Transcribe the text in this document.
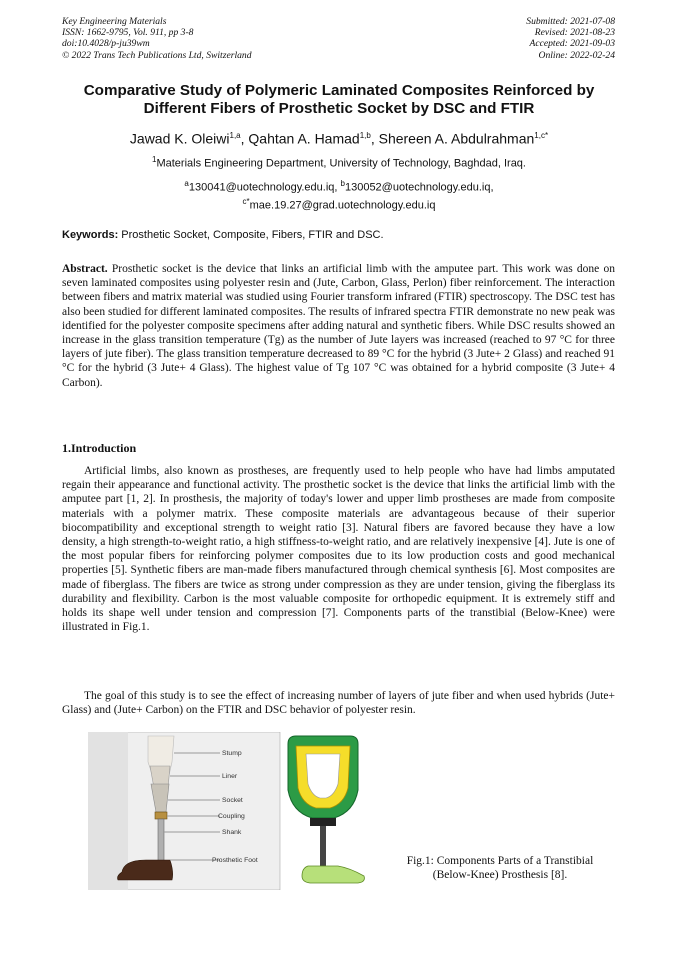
Key Engineering Materials
ISSN: 1662-9795, Vol. 911, pp 3-8
doi:10.4028/p-ju39wm
© 2022 Trans Tech Publications Ltd, Switzerland
Submitted: 2021-07-08
Revised: 2021-08-23
Accepted: 2021-09-03
Online: 2022-02-24
Comparative Study of Polymeric Laminated Composites Reinforced by
Different Fibers of Prosthetic Socket by DSC and FTIR
Jawad K. Oleiwi$^{1,a}$, Qahtan A. Hamad$^{1,b}$, Shereen A. Abdulrahman$^{1,c*}$
$^1$Materials Engineering Department, University of Technology, Baghdad, Iraq.
$^a$130041@uotechnology.edu.iq, $^b$130052@uotechnology.edu.iq,
$^{c*}$mae.19.27@grad.uotechnology.edu.iq
Keywords: Prosthetic Socket, Composite, Fibers, FTIR and DSC.
Abstract. Prosthetic socket is the device that links an artificial limb with the amputee part. This work was done on seven laminated composites using polyester resin and (Jute, Carbon, Glass, Perlon) fiber reinforcement. The interaction between fibers and matrix material was studied using Fourier transform infrared (FTIR) spectroscopy. The DSC test has also been studied for different laminated composites. The results of infrared spectra FTIR demonstrate no new peak was identified for the polyester composite specimens after adding natural and synthetic fibers. While DSC results showed an increase in the glass transition temperature (Tg) as the number of Jute layers was increased (reached to 97 °C for three layers of jute fiber). The glass transition temperature decreased to 89 °C for the hybrid (3 Jute+ 2 Glass) and reached 91 °C for the hybrid (3 Jute+ 4 Glass). The highest value of Tg 107 °C was obtained for a hybrid composite (3 Jute+ 4 Carbon).
1.Introduction
Artificial limbs, also known as prostheses, are frequently used to help people who have had limbs amputated regain their appearance and functional activity. The prosthetic socket is the device that links the artificial limb with the amputee part [1, 2]. In prosthesis, the majority of today's lower and upper limb prostheses are made from composite materials with a polymer matrix. These composite materials are advantageous because of their superior biocompatibility and exceptional strength to weight ratio [3]. Natural fibers are favored because they have a low density, a high strength-to-weight ratio, a high stiffness-to-weight ratio, and are relatively inexpensive [4]. Jute is one of the most popular fibers for reinforcing polymer composites due to its low production costs and good mechanical properties [5]. Synthetic fibers are man-made fibers manufactured through chemical synthesis [6]. Most composites are made of fiberglass. The fibers are twice as strong under compression as they are under tension, giving the fiberglass its durability and flexibility. Carbon is the most valuable composite for orthopedic equipment. It is extremely stiff and holds its shape well under tension and compression [7]. Components parts of the transtibial (Below-Knee) were illustrated in Fig.1.
The goal of this study is to see the effect of increasing number of layers of jute fiber and when used hybrids (Jute+ Glass) and (Jute+ Carbon) on the FTIR and DSC behavior of polyester resin.
Stump
Liner
Socket
Coupling
Shank
Prosthetic Foot	Fig.1: Components Parts of a Transtibial
(Below-Knee) Prosthesis [8].
